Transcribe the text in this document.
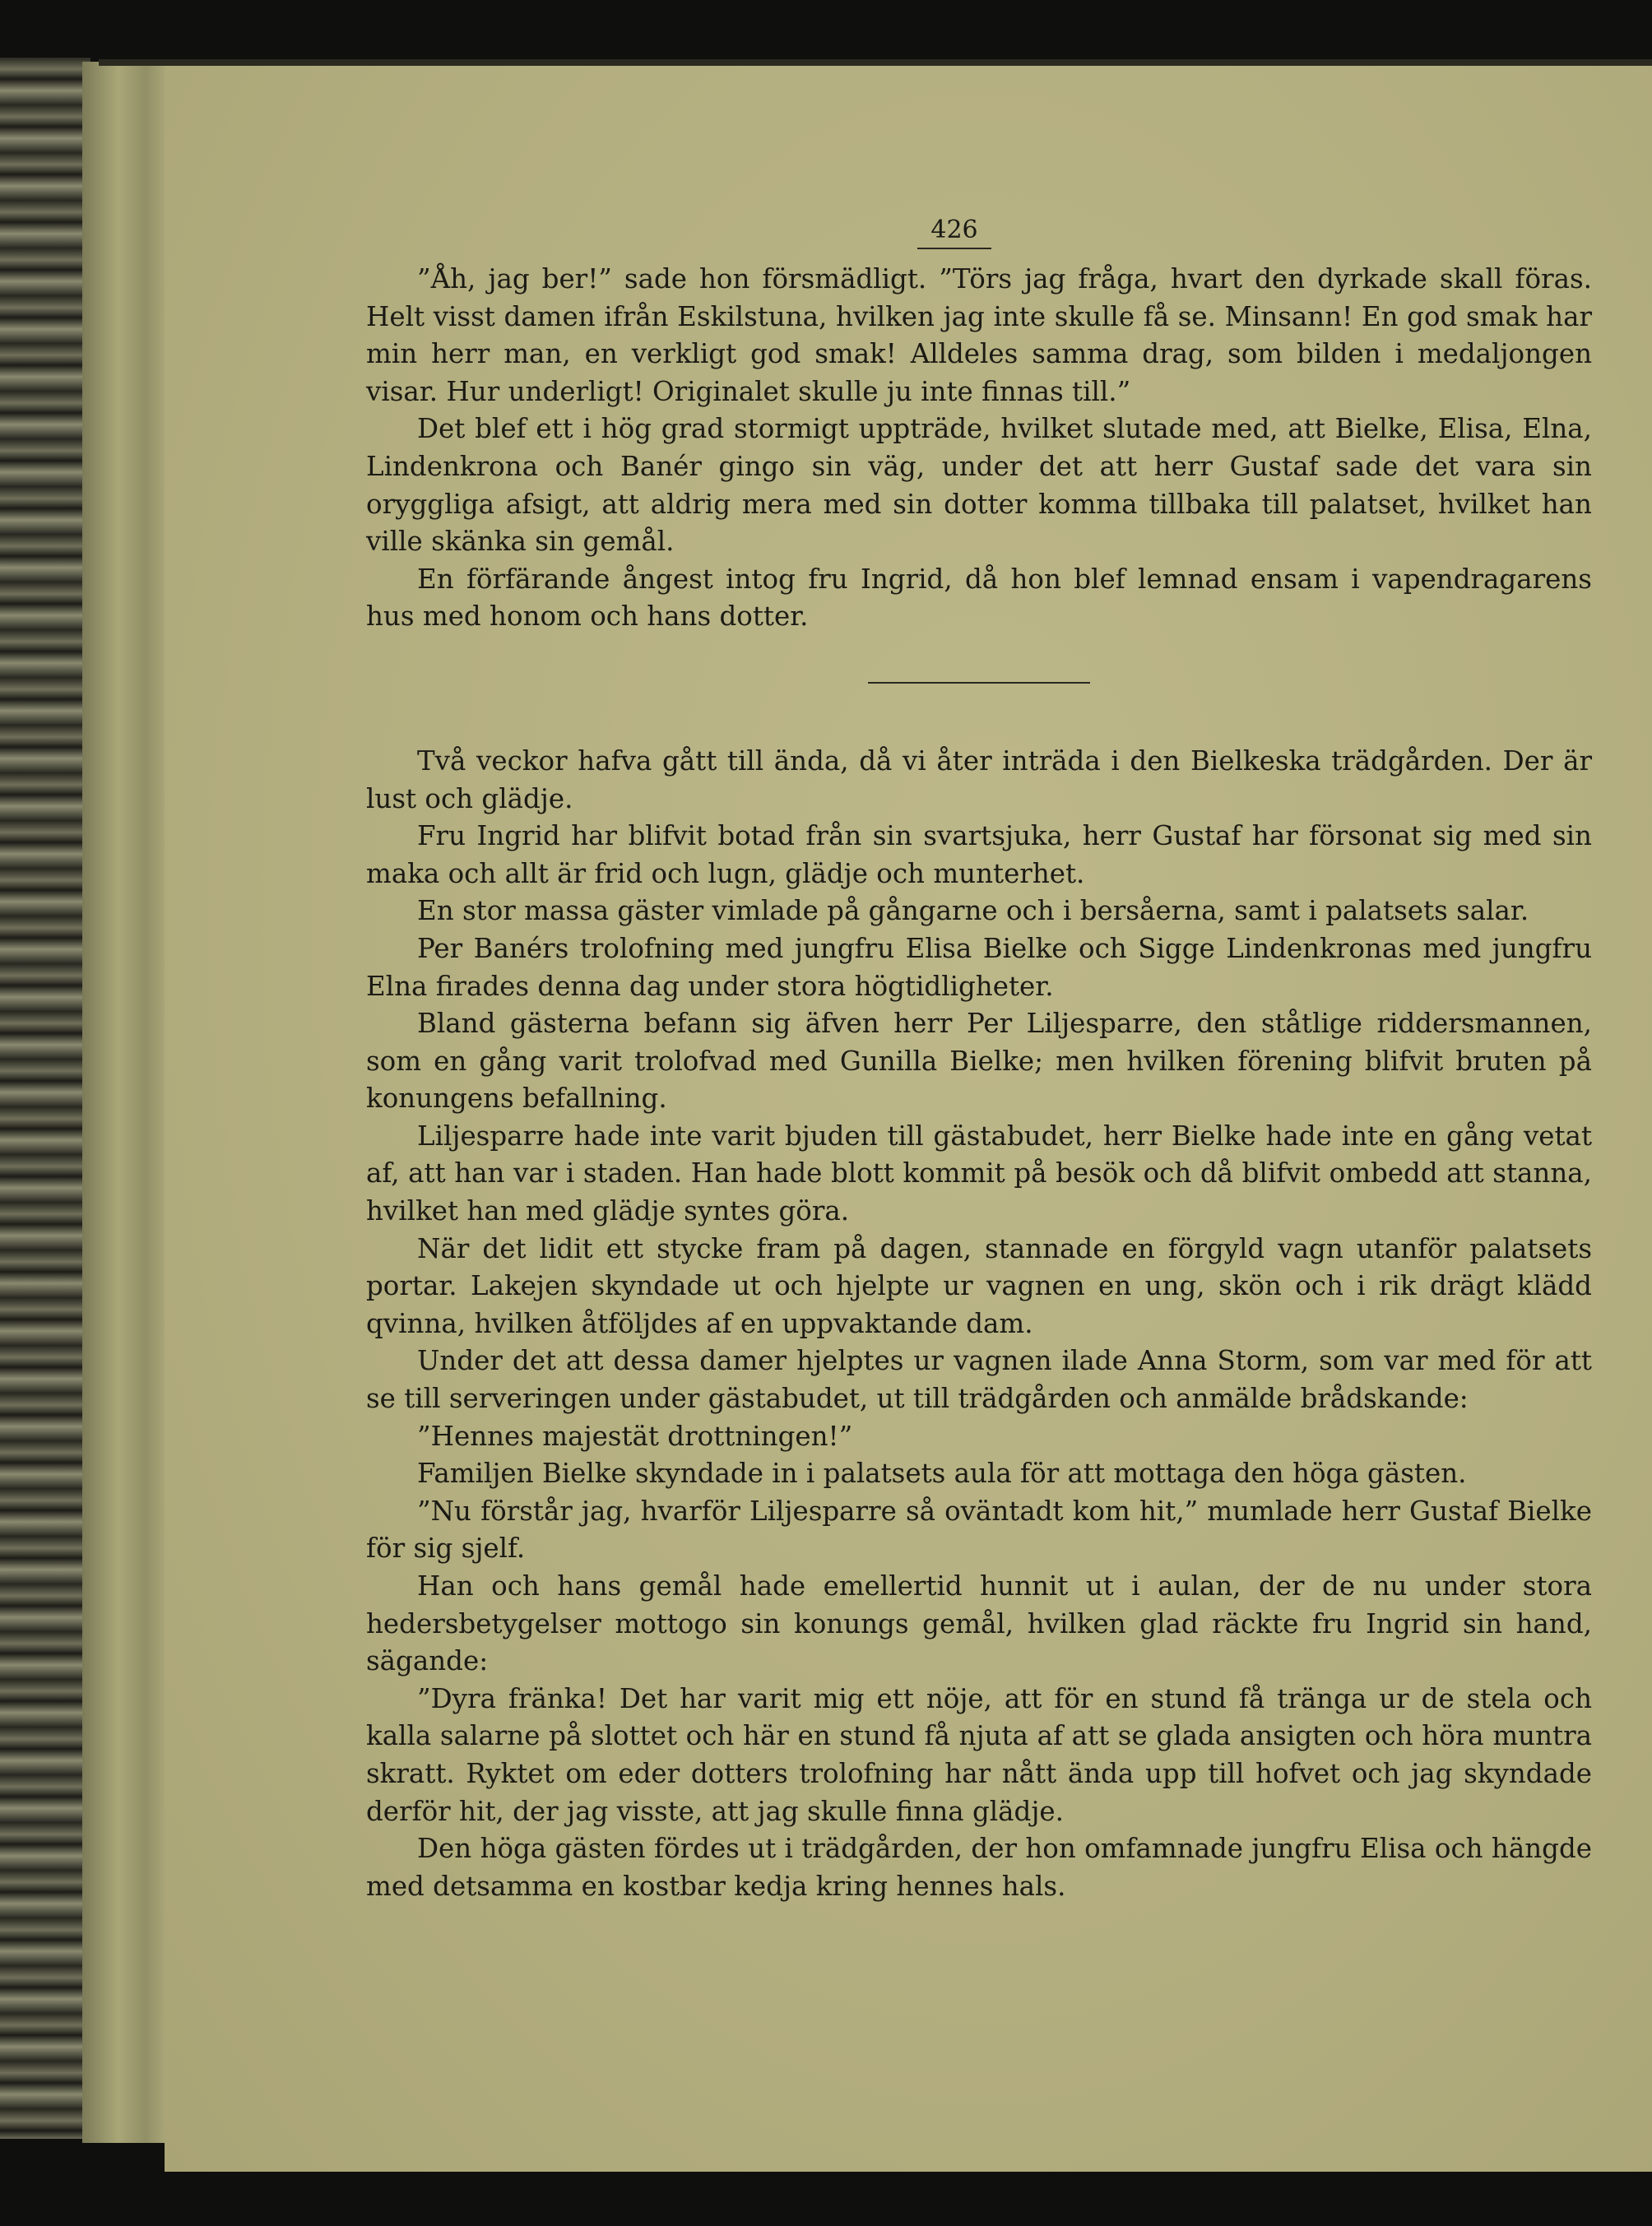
426

”Åh, jag ber!” sade hon försmädligt. ”Törs jag fråga, hvart den dyrkade skall föras. Helt visst damen ifrån Eskilstuna, hvilken jag inte skulle få se. Minsann! En god smak har min herr man, en verkligt god smak! Alldeles samma drag, som bilden i medaljongen visar. Hur underligt! Originalet skulle ju inte finnas till.”

Det blef ett i hög grad stormigt uppträde, hvilket slutade med, att Bielke, Elisa, Elna, Lindenkrona och Banér gingo sin väg, under det att herr Gustaf sade det vara sin oryggliga afsigt, att aldrig mera med sin dotter komma tillbaka till palatset, hvilket han ville skänka sin gemål.

En förfärande ångest intog fru Ingrid, då hon blef lemnad ensam i vapendragarens hus med honom och hans dotter.

Två veckor hafva gått till ända, då vi åter inträda i den Bielkeska trädgården. Der är lust och glädje.

Fru Ingrid har blifvit botad från sin svartsjuka, herr Gustaf har försonat sig med sin maka och allt är frid och lugn, glädje och munterhet.

En stor massa gäster vimlade på gångarne och i bersåerna, samt i palatsets salar.

Per Banérs trolofning med jungfru Elisa Bielke och Sigge Lindenkronas med jungfru Elna firades denna dag under stora högtidligheter.

Bland gästerna befann sig äfven herr Per Liljesparre, den ståtlige riddersmannen, som en gång varit trolofvad med Gunilla Bielke; men hvilken förening blifvit bruten på konungens befallning.

Liljesparre hade inte varit bjuden till gästabudet, herr Bielke hade inte en gång vetat af, att han var i staden. Han hade blott kommit på besök och då blifvit ombedd att stanna, hvilket han med glädje syntes göra.

När det lidit ett stycke fram på dagen, stannade en förgyld vagn utanför palatsets portar. Lakejen skyndade ut och hjelpte ur vagnen en ung, skön och i rik drägt klädd qvinna, hvilken åtföljdes af en uppvaktande dam.

Under det att dessa damer hjelptes ur vagnen ilade Anna Storm, som var med för att se till serveringen under gästabudet, ut till trädgården och anmälde brådskande:

”Hennes majestät drottningen!”

Familjen Bielke skyndade in i palatsets aula för att mottaga den höga gästen.

”Nu förstår jag, hvarför Liljesparre så oväntadt kom hit,” mumlade herr Gustaf Bielke för sig sjelf.

Han och hans gemål hade emellertid hunnit ut i aulan, der de nu under stora hedersbetygelser mottogo sin konungs gemål, hvilken glad räckte fru Ingrid sin hand, sägande:

”Dyra fränka! Det har varit mig ett nöje, att för en stund få tränga ur de stela och kalla salarne på slottet och här en stund få njuta af att se glada ansigten och höra muntra skratt. Ryktet om eder dotters trolofning har nått ända upp till hofvet och jag skyndade derför hit, der jag visste, att jag skulle finna glädje.

Den höga gästen fördes ut i trädgården, der hon omfamnade jungfru Elisa och hängde med detsamma en kostbar kedja kring hennes hals.
